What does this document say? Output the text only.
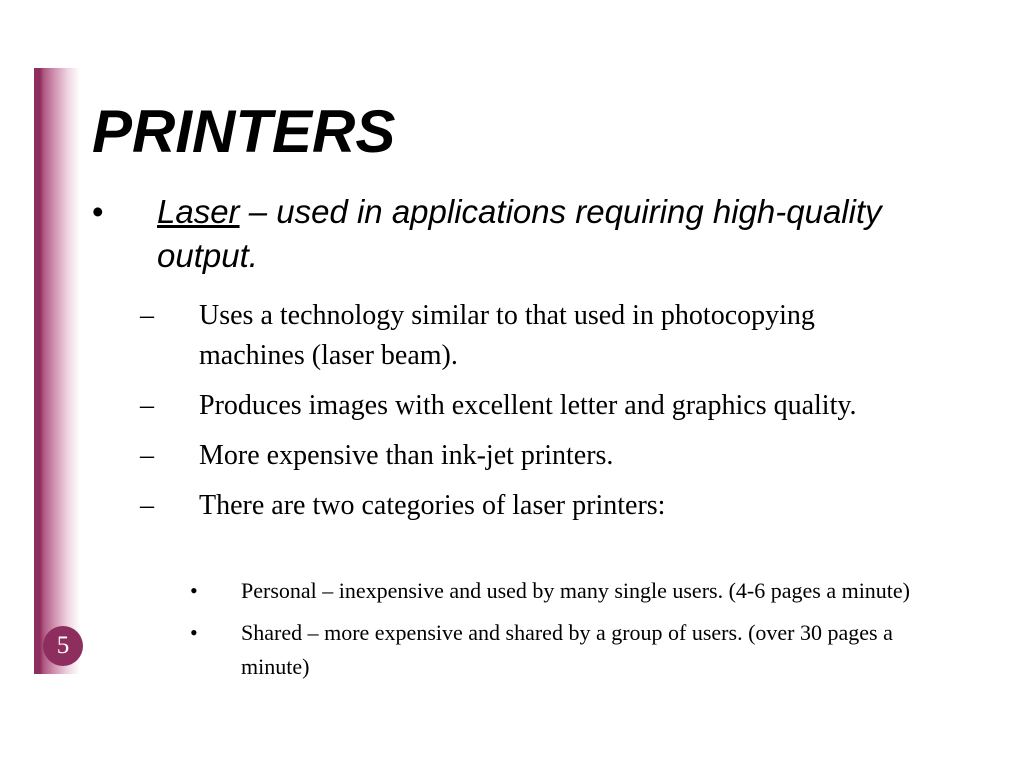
5
PRINTERS
• Laser – used in applications requiring high-quality output.
– Uses a technology similar to that used in photocopying machines (laser beam).
– Produces images with excellent letter and graphics quality.
– More expensive than ink-jet printers.
– There are two categories of laser printers:
• Personal – inexpensive and used by many single users. (4-6 pages a minute)
• Shared – more expensive and shared by a group of users. (over 30 pages a minute)
